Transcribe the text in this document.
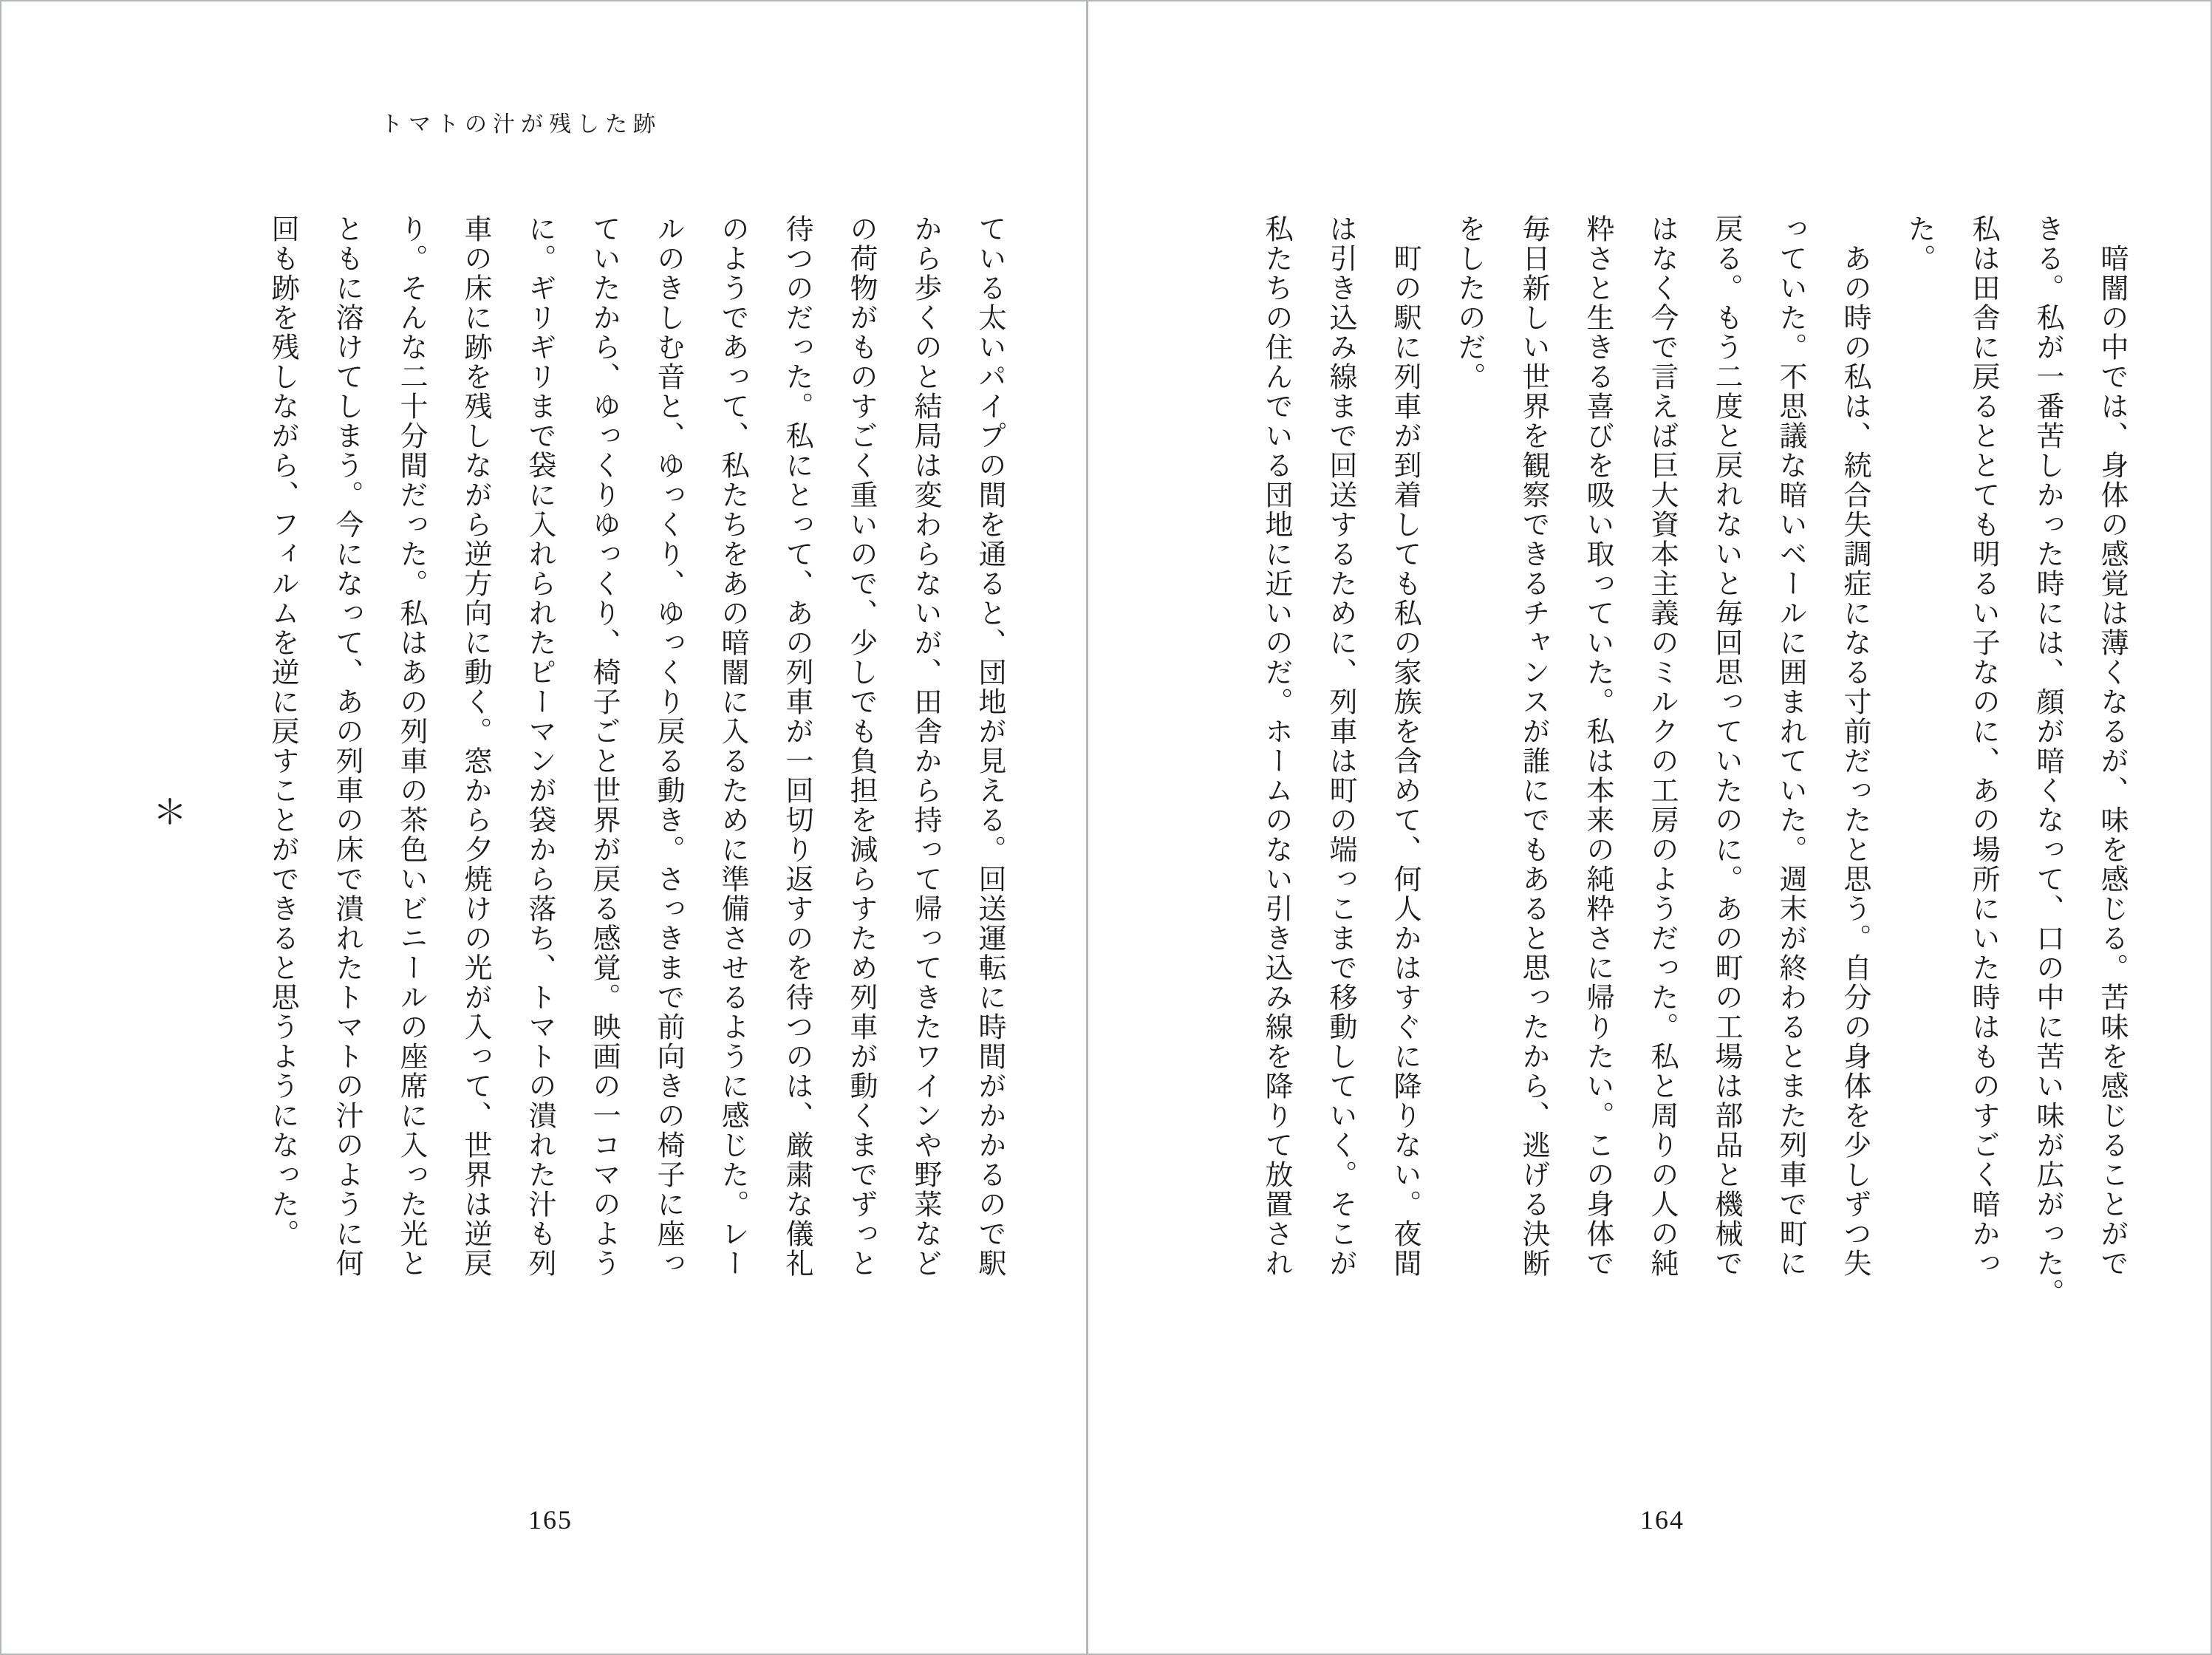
トマトの汁が残した跡
ている太いパイプの間を通ると、団地が見える。回送運転に時間がかかるので駅
から歩くのと結局は変わらないが、田舎から持って帰ってきたワインや野菜など
の荷物がものすごく重いので、少しでも負担を減らすため列車が動くまでずっと
待つのだった。私にとって、あの列車が一回切り返すのを待つのは、厳粛な儀礼
のようであって、私たちをあの暗闇に入るために準備させるように感じた。レー
ルのきしむ音と、ゆっくり、ゆっくり戻る動き。さっきまで前向きの椅子に座っ
ていたから、ゆっくりゆっくり、椅子ごと世界が戻る感覚。映画の一コマのよう
に。ギリギリまで袋に入れられたピーマンが袋から落ち、トマトの潰れた汁も列
車の床に跡を残しながら逆方向に動く。窓から夕焼けの光が入って、世界は逆戻
り。そんな二十分間だった。私はあの列車の茶色いビニールの座席に入った光と
ともに溶けてしまう。今になって、あの列車の床で潰れたトマトの汁のように何
回も跡を残しながら、フィルムを逆に戻すことができると思うようになった。
＊
165
暗闇の中では、身体の感覚は薄くなるが、味を感じる。苦味を感じることがで
きる。私が一番苦しかった時には、顔が暗くなって、口の中に苦い味が広がった。
私は田舎に戻るととても明るい子なのに、あの場所にいた時はものすごく暗かっ
た。
あの時の私は、統合失調症になる寸前だったと思う。自分の身体を少しずつ失
っていた。不思議な暗いベールに囲まれていた。週末が終わるとまた列車で町に
戻る。もう二度と戻れないと毎回思っていたのに。あの町の工場は部品と機械で
はなく今で言えば巨大資本主義のミルクの工房のようだった。私と周りの人の純
粋さと生きる喜びを吸い取っていた。私は本来の純粋さに帰りたい。この身体で
毎日新しい世界を観察できるチャンスが誰にでもあると思ったから、逃げる決断
をしたのだ。
町の駅に列車が到着しても私の家族を含めて、何人かはすぐに降りない。夜間
は引き込み線まで回送するために、列車は町の端っこまで移動していく。そこが
私たちの住んでいる団地に近いのだ。ホームのない引き込み線を降りて放置され
164
